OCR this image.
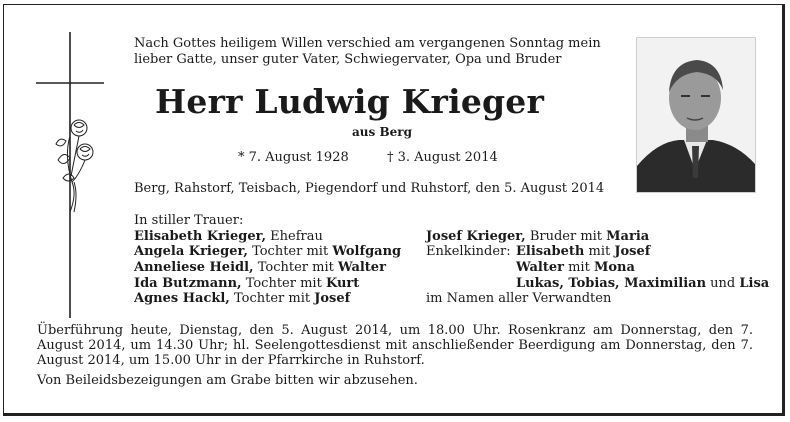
Nach Gottes heiligem Willen verschied am vergangenen Sonntag mein
lieber Gatte, unser guter Vater, Schwiegervater, Opa und Bruder
Herr Ludwig Krieger
aus Berg
* 7. August 1928	† 3. August 2014
Berg, Rahstorf, Teisbach, Piegendorf und Ruhstorf, den 5. August 2014
In stiller Trauer:
Elisabeth Krieger, Ehefrau
Angela Krieger, Tochter mit Wolfgang
Anneliese Heidl, Tochter mit Walter
Ida Butzmann, Tochter mit Kurt
Agnes Hackl, Tochter mit Josef
Josef Krieger, Bruder mit Maria
Enkelkinder: Elisabeth mit Josef
Walter mit Mona
Lukas, Tobias, Maximilian und Lisa
im Namen aller Verwandten
Überführung heute, Dienstag, den 5. August 2014, um 18.00 Uhr. Rosenkranz am Donnerstag, den 7. August 2014, um 14.30 Uhr; hl. Seelengottesdienst mit anschließender Beerdigung am Donnerstag, den 7. August 2014, um 15.00 Uhr in der Pfarrkirche in Ruhstorf.
Von Beileidsbezeigungen am Grabe bitten wir abzusehen.
